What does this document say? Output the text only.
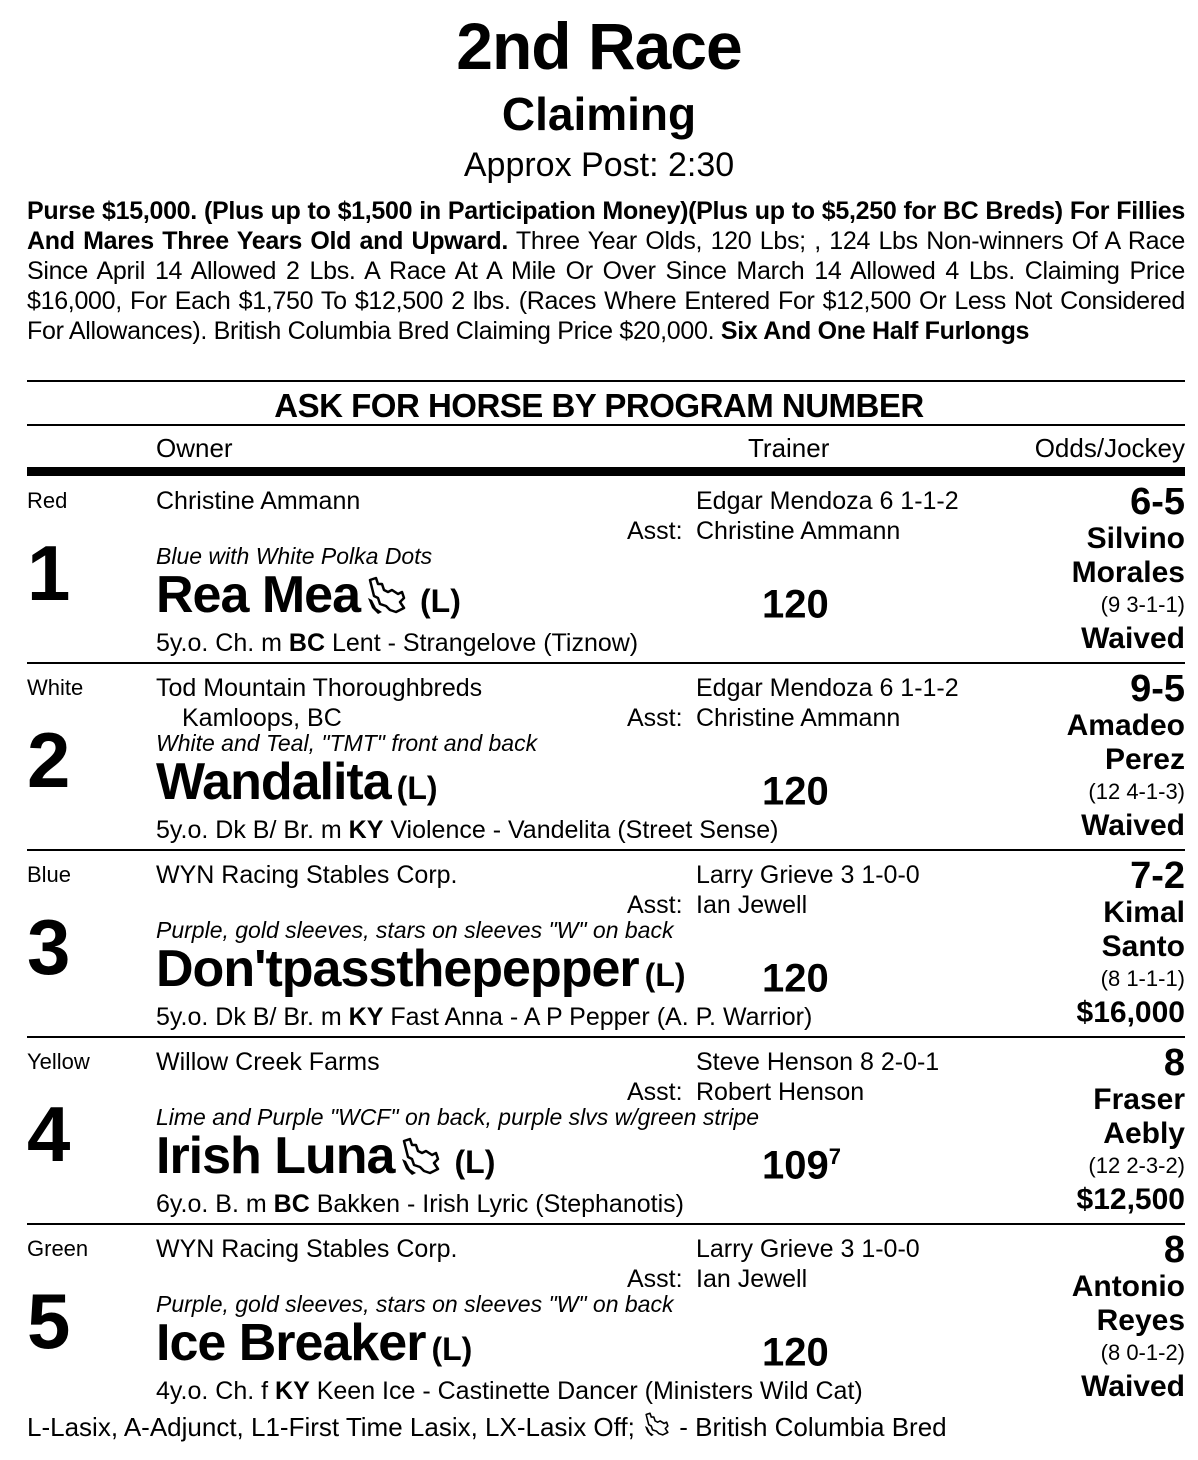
2nd Race
Claiming
Approx Post: 2:30
Purse $15,000. (Plus up to $1,500 in Participation Money)(Plus up to $5,250 for BC Breds) For Fillies And Mares Three Years Old and Upward. Three Year Olds, 120 Lbs; , 124 Lbs Non-winners Of A Race Since April 14 Allowed 2 Lbs. A Race At A Mile Or Over Since March 14 Allowed 4 Lbs. Claiming Price $16,000, For Each $1,750 To $12,500 2 lbs. (Races Where Entered For $12,500 Or Less Not Considered For Allowances). British Columbia Bred Claiming Price $20,000. Six And One Half Furlongs
ASK FOR HORSE BY PROGRAM NUMBER
Owner	Trainer	Odds/Jockey
Red
1
Christine Ammann
Blue with White Polka Dots
Rea Mea (L)
Edgar Mendoza 6 1-1-2
Asst: Christine Ammann
120
5y.o. Ch. m BC Lent - Strangelove (Tiznow)
6-5
Silvino
Morales
(9 3-1-1)
Waived
White
2
Tod Mountain Thoroughbreds
Kamloops, BC
White and Teal, "TMT" front and back
Wandalita (L)
Edgar Mendoza 6 1-1-2
Asst: Christine Ammann
120
5y.o. Dk B/ Br. m KY Violence - Vandelita (Street Sense)
9-5
Amadeo
Perez
(12 4-1-3)
Waived
Blue
3
WYN Racing Stables Corp.
Purple, gold sleeves, stars on sleeves "W" on back
Don'tpassthepepper (L)
Larry Grieve 3 1-0-0
Asst: Ian Jewell
120
5y.o. Dk B/ Br. m KY Fast Anna - A P Pepper (A. P. Warrior)
7-2
Kimal
Santo
(8 1-1-1)
$16,000
Yellow
4
Willow Creek Farms
Lime and Purple "WCF" on back, purple slvs w/green stripe
Irish Luna (L)
Steve Henson 8 2-0-1
Asst: Robert Henson
$109^7$
6y.o. B. m BC Bakken - Irish Lyric (Stephanotis)
8
Fraser
Aebly
(12 2-3-2)
$12,500
Green
5
WYN Racing Stables Corp.
Purple, gold sleeves, stars on sleeves "W" on back
Ice Breaker (L)
Larry Grieve 3 1-0-0
Asst: Ian Jewell
120
4y.o. Ch. f KY Keen Ice - Castinette Dancer (Ministers Wild Cat)
8
Antonio
Reyes
(8 0-1-2)
Waived
L-Lasix, A-Adjunct, L1-First Time Lasix, LX-Lasix Off;  - British Columbia Bred
